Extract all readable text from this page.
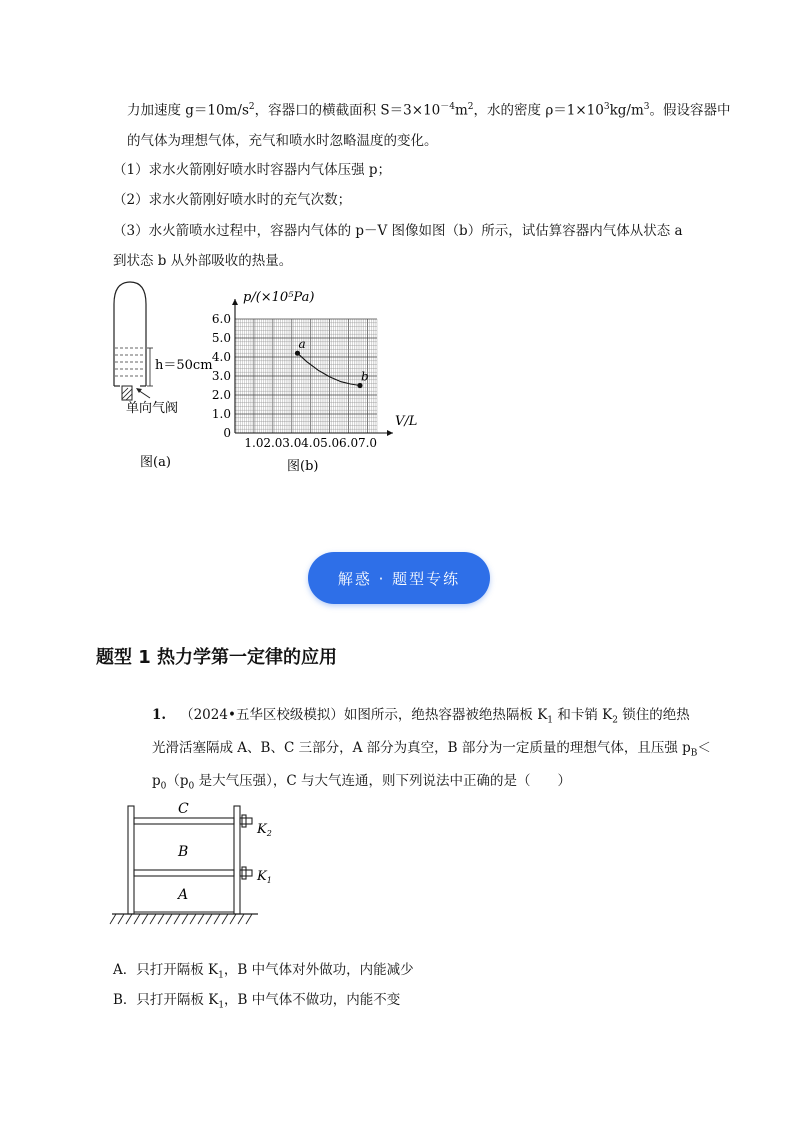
力加速度 $g=10m/s^2$，容器口的横截面积 $S=3\times 10^{-4}m^2$，水的密度 $\rho=1\times 10^3kg/m^3$。假设容器中
的气体为理想气体，充气和喷水时忽略温度的变化。
（1）求水火箭刚好喷水时容器内气体压强 p；
（2）求水火箭刚好喷水时的充气次数；
（3）水火箭喷水过程中，容器内气体的 p－V 图像如图（b）所示，试估算容器内气体从状态 a
到状态 b 从外部吸收的热量。
h＝50cm
单向气阀
图(a)
1.0 2.0 3.0 4.0 5.0 6.0 7.0
0
1.0
2.0
3.0
4.0
5.0
6.0
a
b
p/(×10⁵Pa)
V/L
图(b)
解惑 · 题型专练
题型 1 热力学第一定律的应用
1. （2024•五华区校级模拟）如图所示，绝热容器被绝热隔板 $K_1$ 和卡销 $K_2$ 锁住的绝热
光滑活塞隔成 A、B、C 三部分，A 部分为真空，B 部分为一定质量的理想气体，且压强 $p_B<$
$p_0(p_0$ 是大气压强），C 与大气连通，则下列说法中正确的是（　　）
C
B
A
$K_2$
$K_1$
A．只打开隔板 $K_1$，B 中气体对外做功，内能减少
B．只打开隔板 $K_1$，B 中气体不做功，内能不变
